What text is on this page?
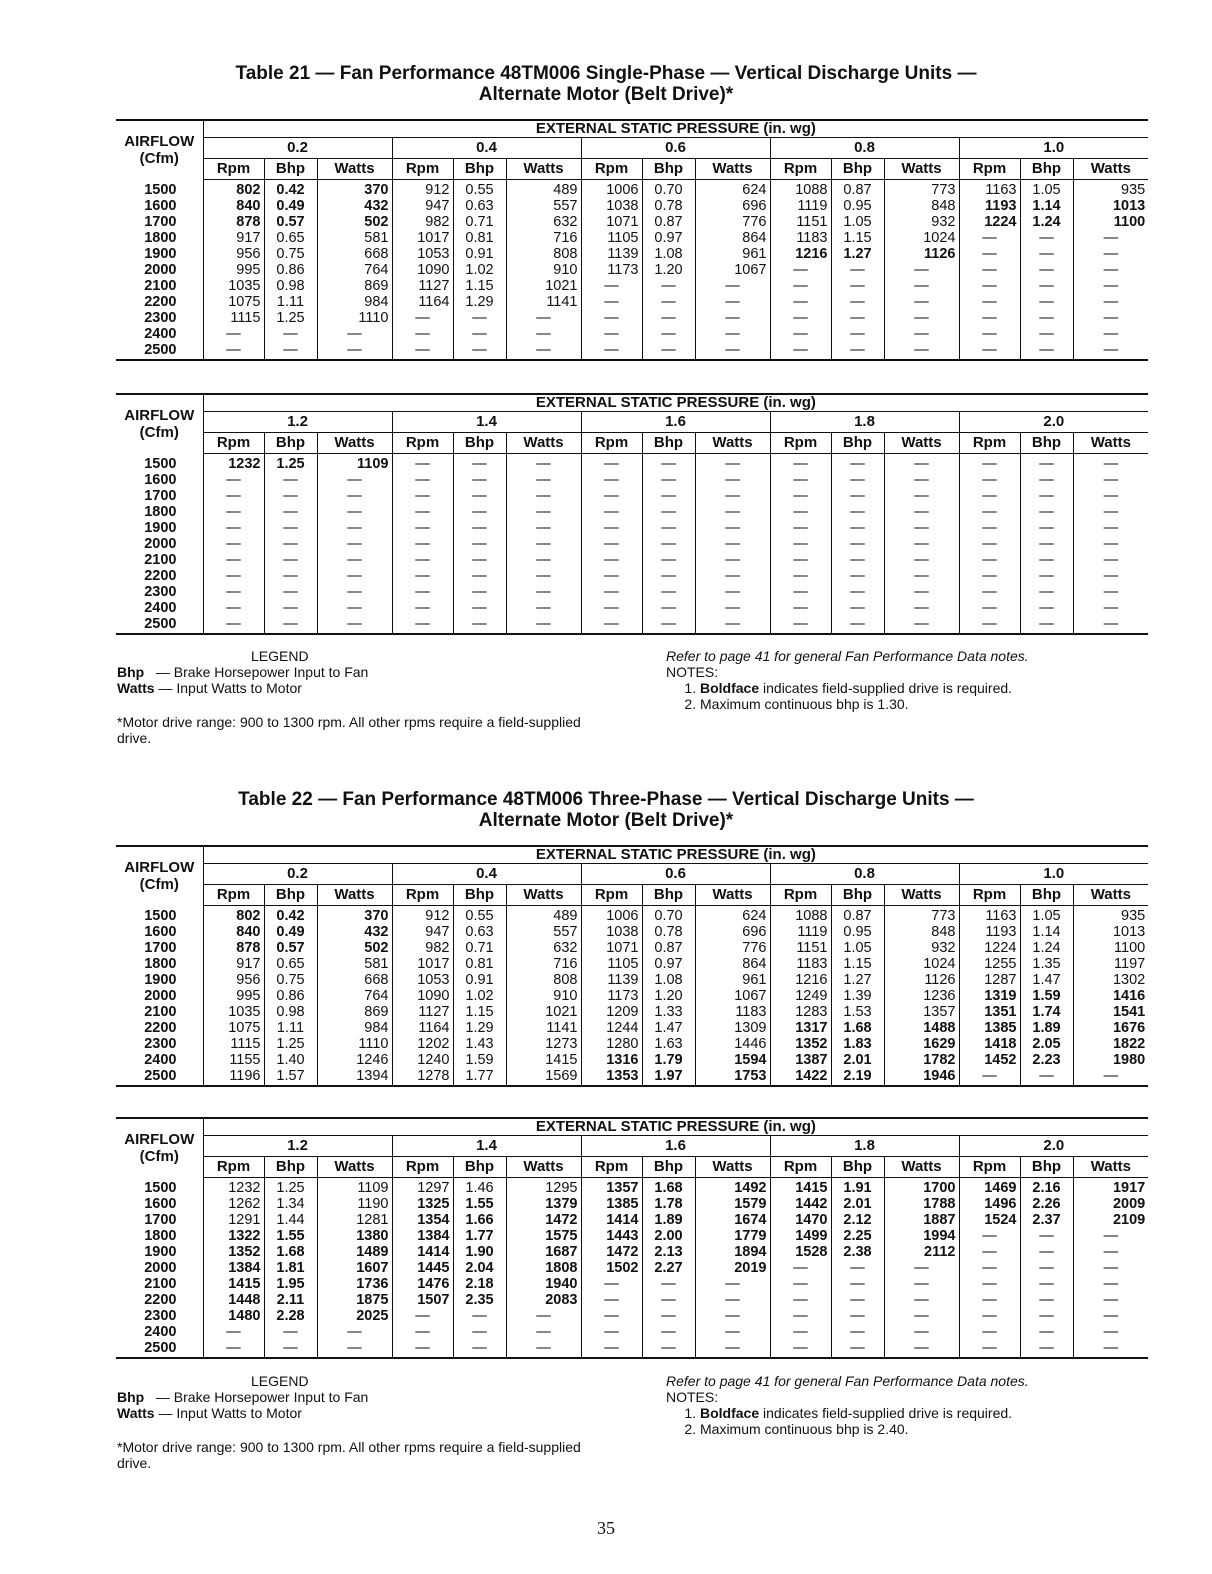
Table 21 — Fan Performance 48TM006 Single-Phase — Vertical Discharge Units —
Alternate Motor (Belt Drive)*
AIRFLOW
(Cfm)	EXTERNAL STATIC PRESSURE (in. wg)														
	0.2			0.4			0.6			0.8			1.0		
	Rpm	Bhp	Watts	Rpm	Bhp	Watts	Rpm	Bhp	Watts	Rpm	Bhp	Watts	Rpm	Bhp	Watts
1500	802	0.42	370	912	0.55	489	1006	0.70	624	1088	0.87	773	1163	1.05	935
1600	840	0.49	432	947	0.63	557	1038	0.78	696	1119	0.95	848	1193	1.14	1013
1700	878	0.57	502	982	0.71	632	1071	0.87	776	1151	1.05	932	1224	1.24	1100
1800	917	0.65	581	1017	0.81	716	1105	0.97	864	1183	1.15	1024	—	—	—
1900	956	0.75	668	1053	0.91	808	1139	1.08	961	1216	1.27	1126	—	—	—
2000	995	0.86	764	1090	1.02	910	1173	1.20	1067	—	—	—	—	—	—
2100	1035	0.98	869	1127	1.15	1021	—	—	—	—	—	—	—	—	—
2200	1075	1.11	984	1164	1.29	1141	—	—	—	—	—	—	—	—	—
2300	1115	1.25	1110	—	—	—	—	—	—	—	—	—	—	—	—
2400	—	—	—	—	—	—	—	—	—	—	—	—	—	—	—
2500	—	—	—	—	—	—	—	—	—	—	—	—	—	—	—
AIRFLOW
(Cfm)	EXTERNAL STATIC PRESSURE (in. wg)														
	1.2			1.4			1.6			1.8			2.0		
	Rpm	Bhp	Watts	Rpm	Bhp	Watts	Rpm	Bhp	Watts	Rpm	Bhp	Watts	Rpm	Bhp	Watts
1500	1232	1.25	1109	—	—	—	—	—	—	—	—	—	—	—	—
1600	—	—	—	—	—	—	—	—	—	—	—	—	—	—	—
1700	—	—	—	—	—	—	—	—	—	—	—	—	—	—	—
1800	—	—	—	—	—	—	—	—	—	—	—	—	—	—	—
1900	—	—	—	—	—	—	—	—	—	—	—	—	—	—	—
2000	—	—	—	—	—	—	—	—	—	—	—	—	—	—	—
2100	—	—	—	—	—	—	—	—	—	—	—	—	—	—	—
2200	—	—	—	—	—	—	—	—	—	—	—	—	—	—	—
2300	—	—	—	—	—	—	—	—	—	—	—	—	—	—	—
2400	—	—	—	—	—	—	—	—	—	—	—	—	—	—	—
2500	—	—	—	—	—	—	—	—	—	—	—	—	—	—	—
LEGEND
Bhp — Brake Horsepower Input to Fan
Watts — Input Watts to Motor
*Motor drive range: 900 to 1300 rpm. All other rpms require a field-supplied drive.
Refer to page 41 for general Fan Performance Data notes.
NOTES:
1. Boldface indicates field-supplied drive is required.
2. Maximum continuous bhp is 1.30.
Table 22 — Fan Performance 48TM006 Three-Phase — Vertical Discharge Units —
Alternate Motor (Belt Drive)*
AIRFLOW
(Cfm)	EXTERNAL STATIC PRESSURE (in. wg)														
	0.2			0.4			0.6			0.8			1.0		
	Rpm	Bhp	Watts	Rpm	Bhp	Watts	Rpm	Bhp	Watts	Rpm	Bhp	Watts	Rpm	Bhp	Watts
1500	802	0.42	370	912	0.55	489	1006	0.70	624	1088	0.87	773	1163	1.05	935
1600	840	0.49	432	947	0.63	557	1038	0.78	696	1119	0.95	848	1193	1.14	1013
1700	878	0.57	502	982	0.71	632	1071	0.87	776	1151	1.05	932	1224	1.24	1100
1800	917	0.65	581	1017	0.81	716	1105	0.97	864	1183	1.15	1024	1255	1.35	1197
1900	956	0.75	668	1053	0.91	808	1139	1.08	961	1216	1.27	1126	1287	1.47	1302
2000	995	0.86	764	1090	1.02	910	1173	1.20	1067	1249	1.39	1236	1319	1.59	1416
2100	1035	0.98	869	1127	1.15	1021	1209	1.33	1183	1283	1.53	1357	1351	1.74	1541
2200	1075	1.11	984	1164	1.29	1141	1244	1.47	1309	1317	1.68	1488	1385	1.89	1676
2300	1115	1.25	1110	1202	1.43	1273	1280	1.63	1446	1352	1.83	1629	1418	2.05	1822
2400	1155	1.40	1246	1240	1.59	1415	1316	1.79	1594	1387	2.01	1782	1452	2.23	1980
2500	1196	1.57	1394	1278	1.77	1569	1353	1.97	1753	1422	2.19	1946	—	—	—
AIRFLOW
(Cfm)	EXTERNAL STATIC PRESSURE (in. wg)														
	1.2			1.4			1.6			1.8			2.0		
	Rpm	Bhp	Watts	Rpm	Bhp	Watts	Rpm	Bhp	Watts	Rpm	Bhp	Watts	Rpm	Bhp	Watts
1500	1232	1.25	1109	1297	1.46	1295	1357	1.68	1492	1415	1.91	1700	1469	2.16	1917
1600	1262	1.34	1190	1325	1.55	1379	1385	1.78	1579	1442	2.01	1788	1496	2.26	2009
1700	1291	1.44	1281	1354	1.66	1472	1414	1.89	1674	1470	2.12	1887	1524	2.37	2109
1800	1322	1.55	1380	1384	1.77	1575	1443	2.00	1779	1499	2.25	1994	—	—	—
1900	1352	1.68	1489	1414	1.90	1687	1472	2.13	1894	1528	2.38	2112	—	—	—
2000	1384	1.81	1607	1445	2.04	1808	1502	2.27	2019	—	—	—	—	—	—
2100	1415	1.95	1736	1476	2.18	1940	—	—	—	—	—	—	—	—	—
2200	1448	2.11	1875	1507	2.35	2083	—	—	—	—	—	—	—	—	—
2300	1480	2.28	2025	—	—	—	—	—	—	—	—	—	—	—	—
2400	—	—	—	—	—	—	—	—	—	—	—	—	—	—	—
2500	—	—	—	—	—	—	—	—	—	—	—	—	—	—	—
LEGEND
Bhp — Brake Horsepower Input to Fan
Watts — Input Watts to Motor
*Motor drive range: 900 to 1300 rpm. All other rpms require a field-supplied drive.
Refer to page 41 for general Fan Performance Data notes.
NOTES:
1. Boldface indicates field-supplied drive is required.
2. Maximum continuous bhp is 2.40.
35
